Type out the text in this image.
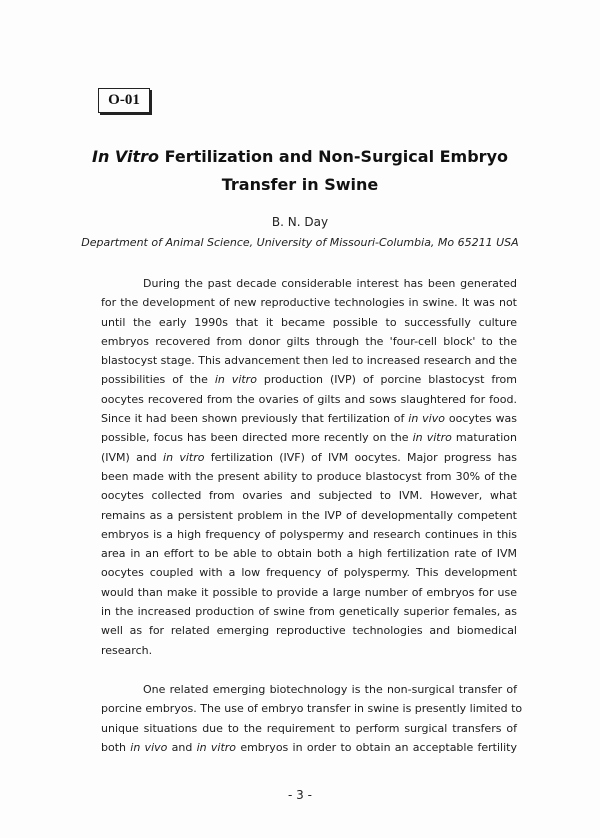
O-01
In Vitro Fertilization and Non-Surgical Embryo
Transfer in Swine
B. N. Day
Department of Animal Science, University of Missouri-Columbia, Mo 65211 USA
During the past decade considerable interest has been generated
for the development of new reproductive technologies in swine. It was not
until the early 1990s that it became possible to successfully culture
embryos recovered from donor gilts through the 'four-cell block' to the
blastocyst stage. This advancement then led to increased research and the
possibilities of the in vitro production (IVP) of porcine blastocyst from
oocytes recovered from the ovaries of gilts and sows slaughtered for food.
Since it had been shown previously that fertilization of in vivo oocytes was
possible, focus has been directed more recently on the in vitro maturation
(IVM) and in vitro fertilization (IVF) of IVM oocytes. Major progress has
been made with the present ability to produce blastocyst from 30% of the
oocytes collected from ovaries and subjected to IVM. However, what
remains as a persistent problem in the IVP of developmentally competent
embryos is a high frequency of polyspermy and research continues in this
area in an effort to be able to obtain both a high fertilization rate of IVM
oocytes coupled with a low frequency of polyspermy. This development
would than make it possible to provide a large number of embryos for use
in the increased production of swine from genetically superior females, as
well as for related emerging reproductive technologies and biomedical
research.
One related emerging biotechnology is the non-surgical transfer of
porcine embryos. The use of embryo transfer in swine is presently limited to
unique situations due to the requirement to perform surgical transfers of
both in vivo and in vitro embryos in order to obtain an acceptable fertility
- 3 -
